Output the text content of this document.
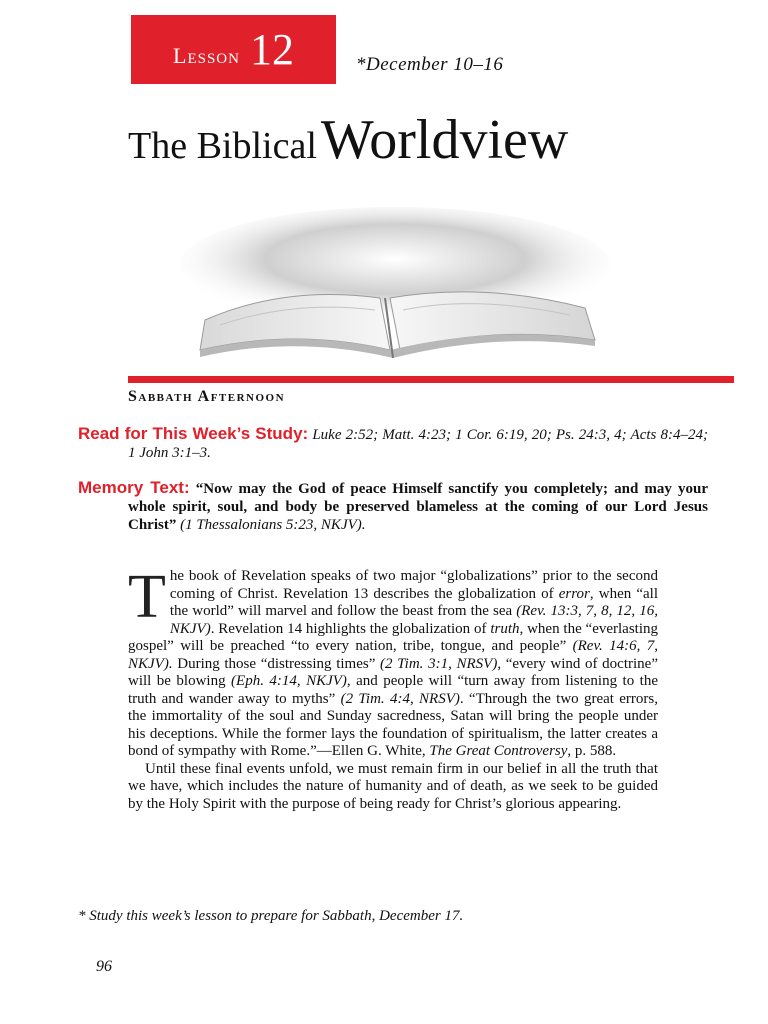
Lesson 12	*December 10–16
The Biblical Worldview
Sabbath Afternoon
Read for This Week’s Study: Luke 2:52; Matt. 4:23; 1 Cor. 6:19, 20; Ps. 24:3, 4; Acts 8:4–24; 1 John 3:1–3.
Memory Text: “Now may the God of peace Himself sanctify you completely; and may your whole spirit, soul, and body be preserved blameless at the coming of our Lord Jesus Christ” (1 Thessalonians 5:23, NKJV).

The book of Revelation speaks of two major “globalizations” prior to the second coming of Christ. Revelation 13 describes the globalization of error, when “all the world” will marvel and follow the beast from the sea (Rev. 13:3, 7, 8, 12, 16, NKJV). Revelation 14 highlights the globalization of truth, when the “everlasting gospel” will be preached “to every nation, tribe, tongue, and people” (Rev. 14:6, 7, NKJV). During those “distressing times” (2 Tim. 3:1, NRSV), “every wind of doctrine” will be blowing (Eph. 4:14, NKJV), and people will “turn away from listening to the truth and wander away to myths” (2 Tim. 4:4, NRSV). “Through the two great errors, the immortality of the soul and Sunday sacredness, Satan will bring the people under his deceptions. While the former lays the foundation of spiritualism, the latter creates a bond of sympathy with Rome.”—Ellen G. White, The Great Controversy, p. 588.

Until these final events unfold, we must remain firm in our belief in all the truth that we have, which includes the nature of humanity and of death, as we seek to be guided by the Holy Spirit with the purpose of being ready for Christ’s glorious appearing.

* Study this week’s lesson to prepare for Sabbath, December 17.
96
